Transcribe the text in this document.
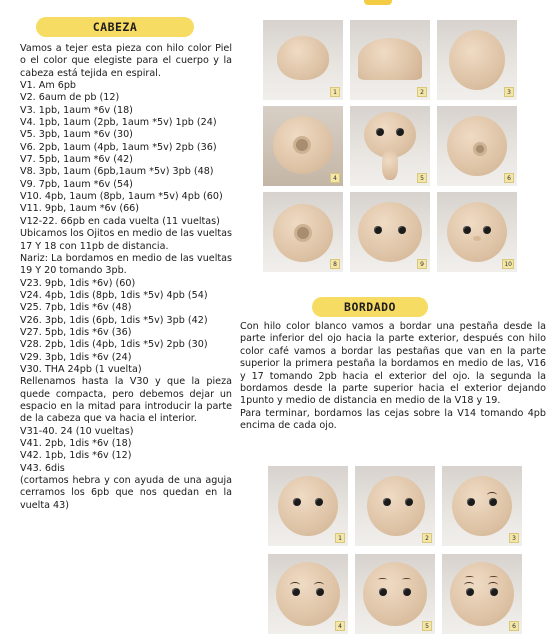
CABEZA

Vamos a tejer esta pieza con hilo color Piel o el color que elegiste para el cuerpo y la cabeza está tejida en espiral.

V1. Am 6pb
V2. 6aum de pb (12)
V3. 1pb, 1aum *6v (18)
V4. 1pb, 1aum (2pb, 1aum *5v) 1pb (24)
V5. 3pb, 1aum *6v (30)
V6. 2pb, 1aum (4pb, 1aum *5v) 2pb (36)
V7. 5pb, 1aum *6v (42)
V8. 3pb, 1aum (6pb,1aum *5v) 3pb (48)
V9. 7pb, 1aum *6v (54)
V10. 4pb, 1aum (8pb, 1aum *5v) 4pb (60)
V11. 9pb, 1aum *6v (66)
V12-22. 66pb en cada vuelta (11 vueltas)

Ubicamos los Ojitos en medio de las vueltas 17 Y 18 con 11pb de distancia.

Nariz: La bordamos en medio de las vueltas 19 Y 20 tomando 3pb.

V23. 9pb, 1dis *6v) (60)
V24. 4pb, 1dis (8pb, 1dis *5v) 4pb (54)
V25. 7pb, 1dis *6v (48)
V26. 3pb, 1dis (6pb, 1dis *5v) 3pb (42)
V27. 5pb, 1dis *6v (36)
V28. 2pb, 1dis (4pb, 1dis *5v) 2pb (30)
V29. 3pb, 1dis *6v (24)
V30. THA 24pb (1 vuelta)

Rellenamos hasta la V30 y que la pieza quede compacta, pero debemos dejar un espacio en la mitad para introducir la parte de la cabeza que va hacia el interior.

V31-40. 24 (10 vueltas)
V41. 2pb, 1dis *6v (18)
V42. 1pb, 1dis *6v (12)
V43. 6dis

(cortamos hebra y con ayuda de una aguja cerramos los 6pb que nos quedan en la vuelta 43)

1	2	3
4	5	6
8	9	10
BORDADO

Con hilo color blanco vamos a bordar una pestaña desde la parte inferior del ojo hacia la parte exterior, después con hilo color café vamos a bordar las pestañas que van en la parte superior la primera pestaña la bordamos en medio de las, V16 y 17 tomando 2pb hacia el exterior del ojo. la segunda la bordamos desde la parte superior hacia el exterior dejando 1punto y medio de distancia en medio de la V18 y 19.

Para terminar, bordamos las cejas sobre la V14 tomando 4pb encima de cada ojo.

1	2	3
4	5	6
